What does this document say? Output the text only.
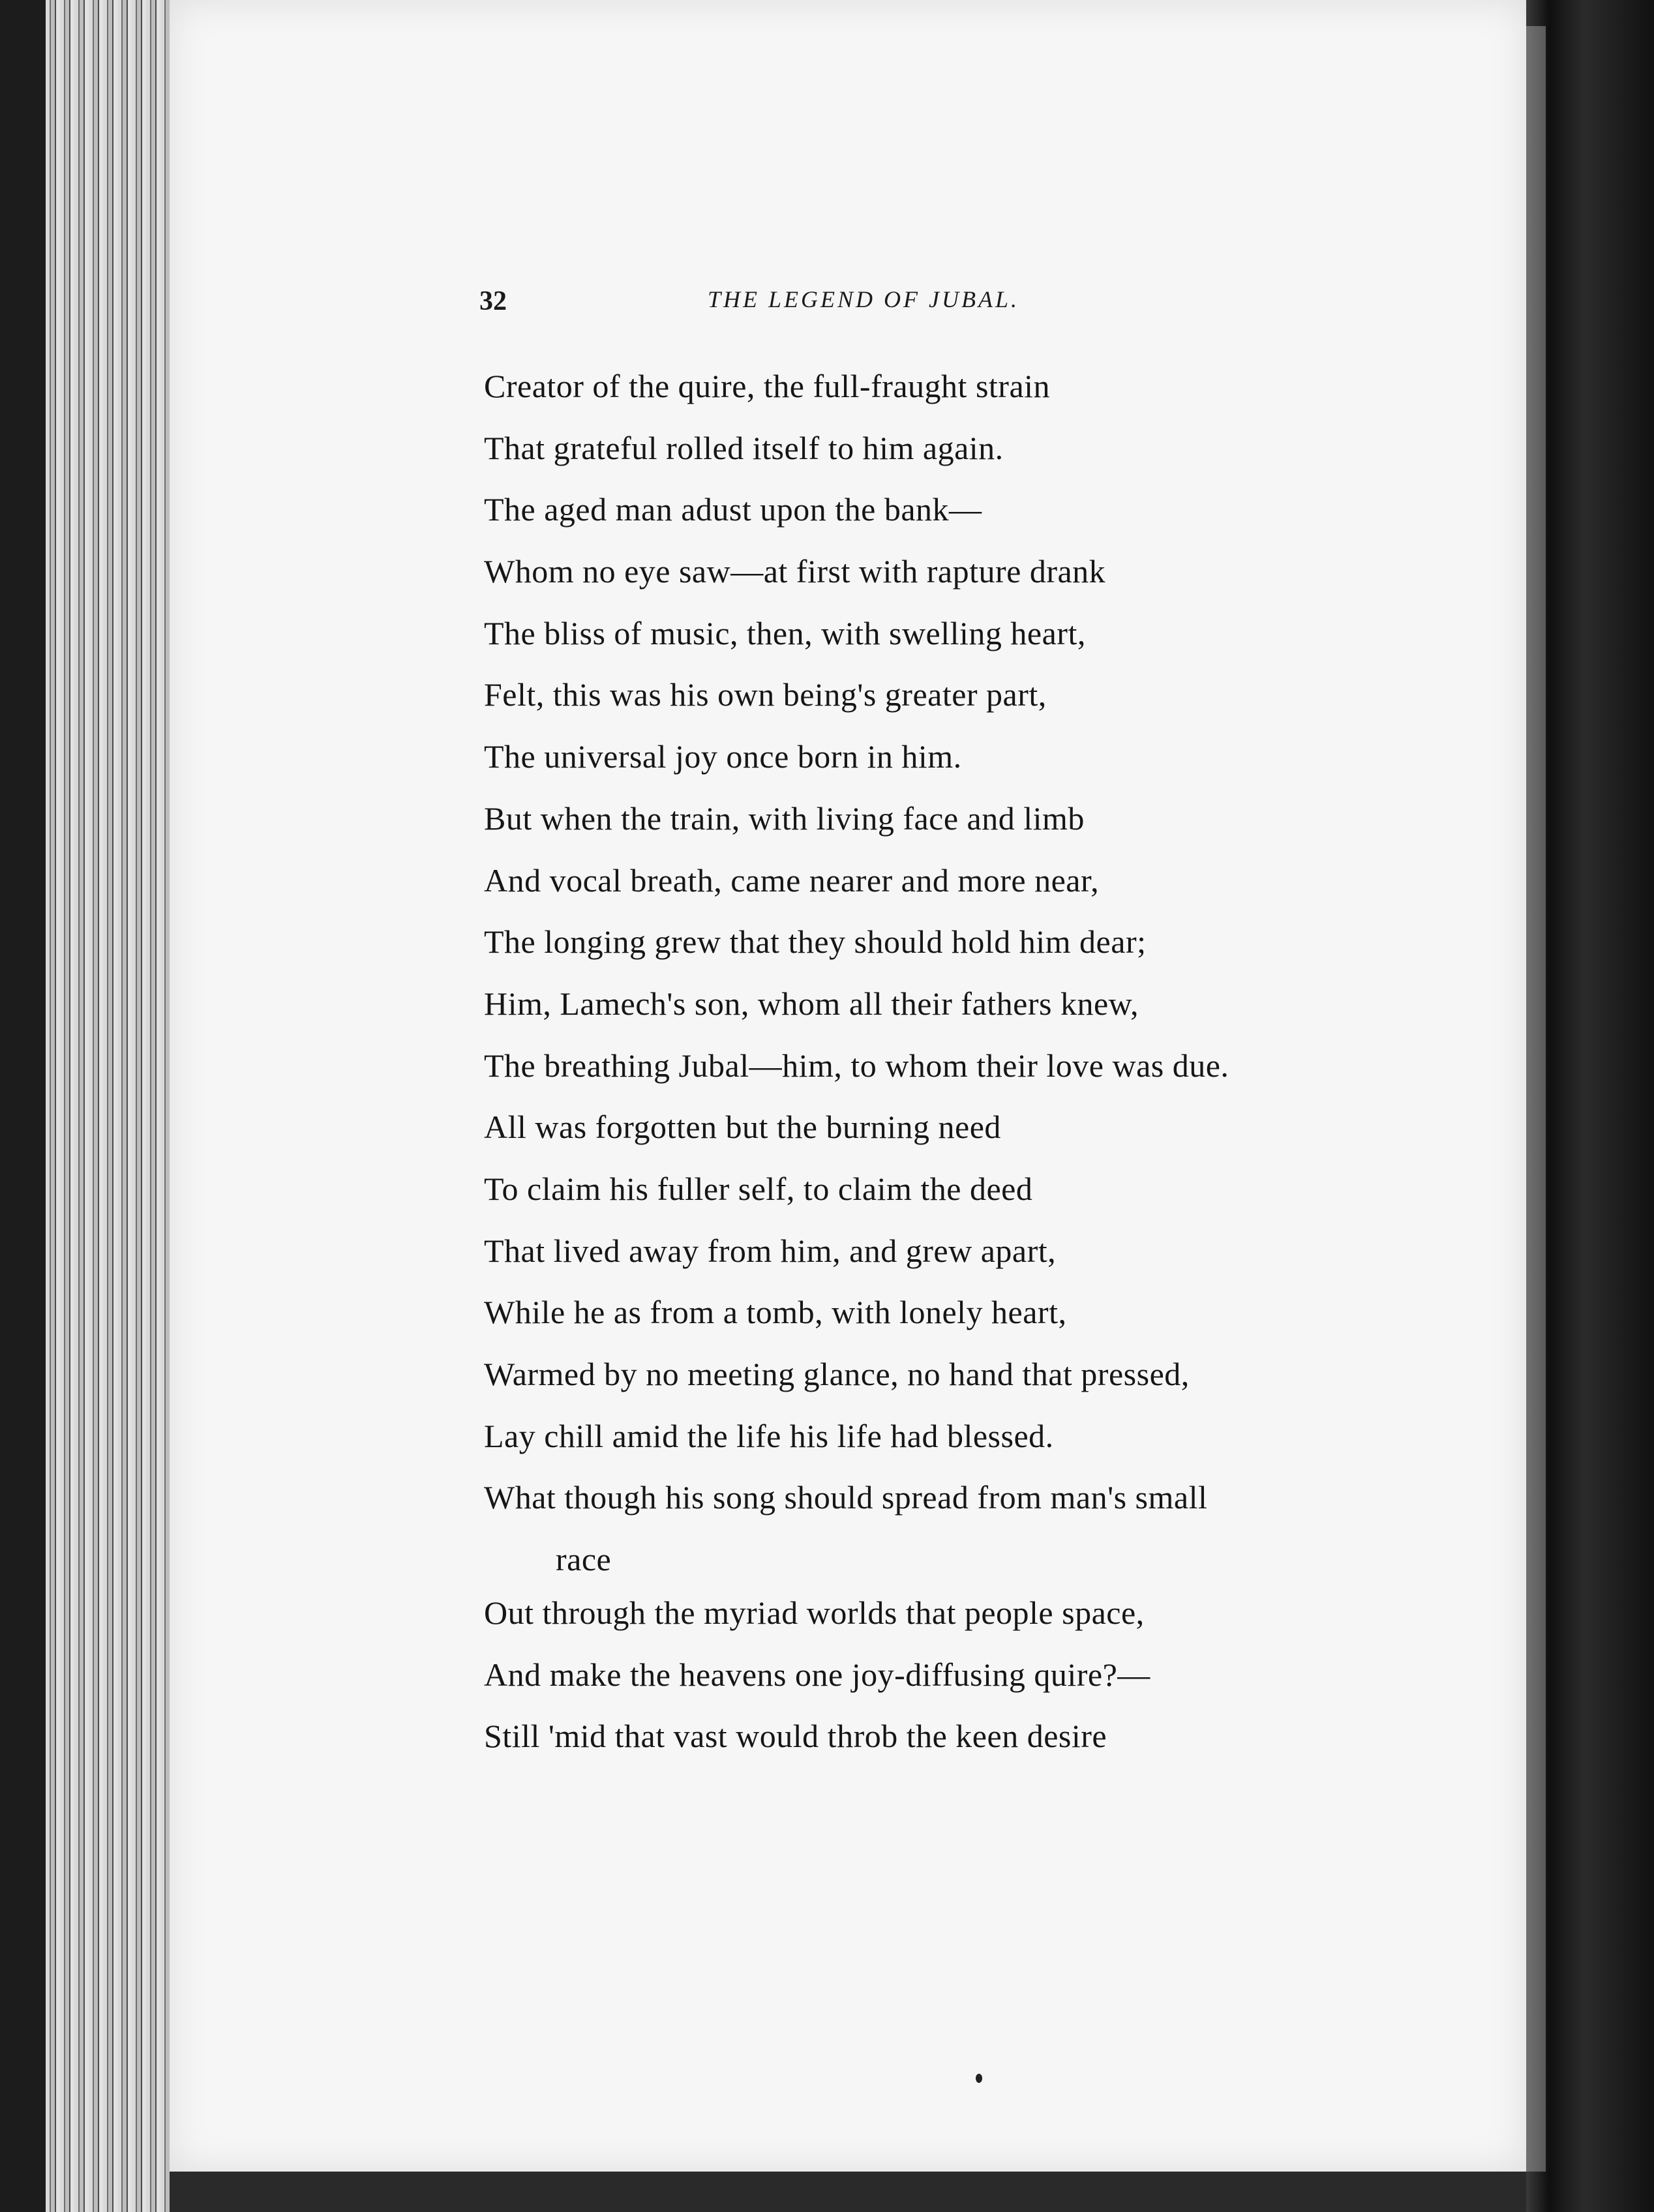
32	THE LEGEND OF JUBAL.
Creator of the quire, the full-fraught strain
That grateful rolled itself to him again.
The aged man adust upon the bank—
Whom no eye saw—at first with rapture drank
The bliss of music, then, with swelling heart,
Felt, this was his own being's greater part,
The universal joy once born in him.
But when the train, with living face and limb
And vocal breath, came nearer and more near,
The longing grew that they should hold him dear;
Him, Lamech's son, whom all their fathers knew,
The breathing Jubal—him, to whom their love was due.
All was forgotten but the burning need
To claim his fuller self, to claim the deed
That lived away from him, and grew apart,
While he as from a tomb, with lonely heart,
Warmed by no meeting glance, no hand that pressed,
Lay chill amid the life his life had blessed.
What though his song should spread from man's small
race
Out through the myriad worlds that people space,
And make the heavens one joy-diffusing quire?—
Still 'mid that vast would throb the keen desire
